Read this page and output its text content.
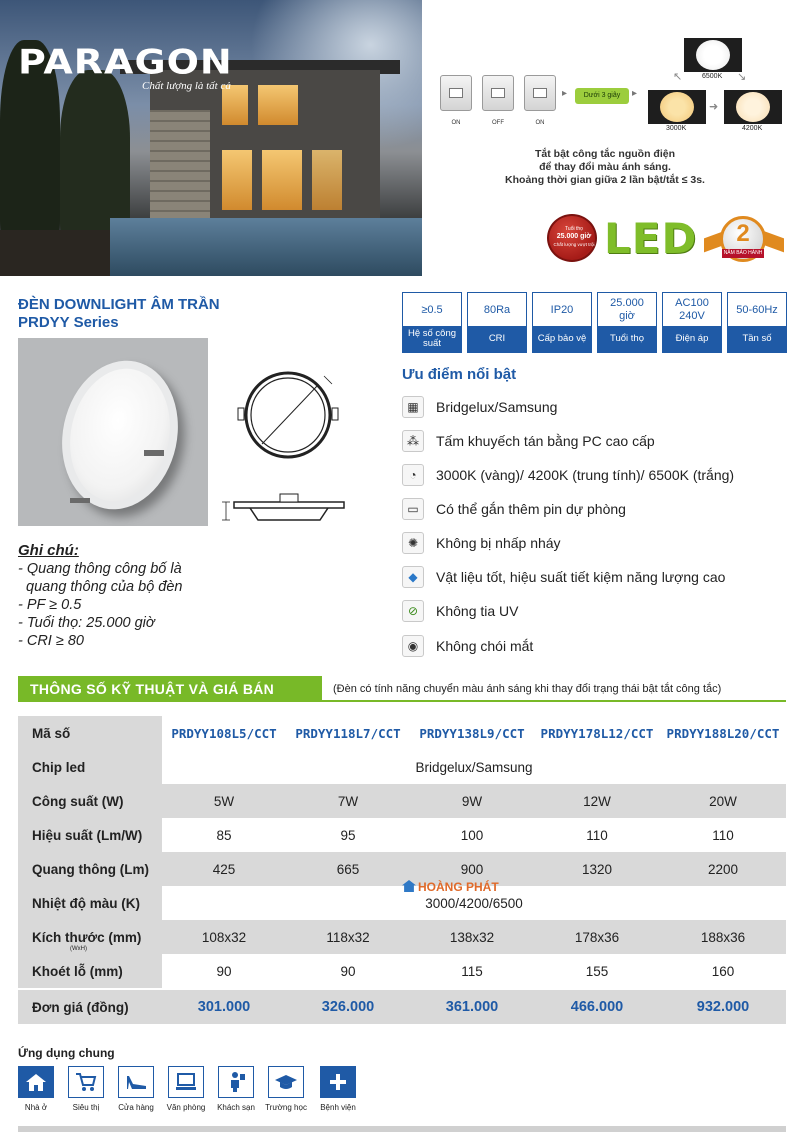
PARAGON
Chất lượng là tất cả
ON	OFF	ON
▸	Dưới 3 giây	▸
6500K
3000K	4200K
➜
↖	↘
Tắt bật công tắc nguồn điện
để thay đổi màu ánh sáng.
Khoảng thời gian giữa 2 lần bật/tắt ≤ 3s.
Tuổi thọ
25.000 giờ
Chất lượng vượt trội LED	2
NĂM BẢO HÀNH
ĐÈN DOWNLIGHT ÂM TRẦN
PRDYY Series
≥0.5
Hệ số công suất
80Ra
CRI
IP20
Cấp bảo vệ
25.000 giờ
Tuổi thọ
AC100 240V
Điện áp
50-60Hz
Tần số
Ưu điểm nổi bật
▦	Bridgelux/Samsung
⁂	Tấm khuyếch tán bằng PC cao cấp
◔	3000K (vàng)/ 4200K (trung tính)/ 6500K (trắng)
▭	Có thể gắn thêm pin dự phòng
✺	Không bị nhấp nháy
◆	Vật liệu tốt, hiệu suất tiết kiệm năng lượng cao
⊘	Không tia UV
◉	Không chói mắt
Ghi chú:
- Quang thông công bố là
quang thông của bộ đèn
- PF ≥ 0.5
- Tuổi thọ: 25.000 giờ
- CRI ≥ 80
THÔNG SỐ KỸ THUẬT VÀ GIÁ BÁN	(Đèn có tính năng chuyển màu ánh sáng khi thay đổi trạng thái bật tắt công tắc)
Mã số	PRDYY108L5/CCT	PRDYY118L7/CCT	PRDYY138L9/CCT	PRDYY178L12/CCT	PRDYY188L20/CCT
Chip led	Bridgelux/Samsung
Công suất (W)	5W	7W	9W	12W	20W
Hiệu suất (Lm/W)	85	95	100	110	110
Quang thông (Lm)	425	665	900	1320	2200
Nhiệt độ màu (K)	3000/4200/6500
Kích thước (mm)
(WxH)
108x32	118x32	138x32	178x36	188x36
Khoét lỗ (mm)	90	90	115	155	160
Đơn giá (đồng)	301.000	326.000	361.000	466.000	932.000
HOÀNG PHÁT
Ứng dụng chung
Nhà ở	Siêu thị	Cửa hàng	Văn phòng	Khách sạn	Trường học	Bệnh viện
